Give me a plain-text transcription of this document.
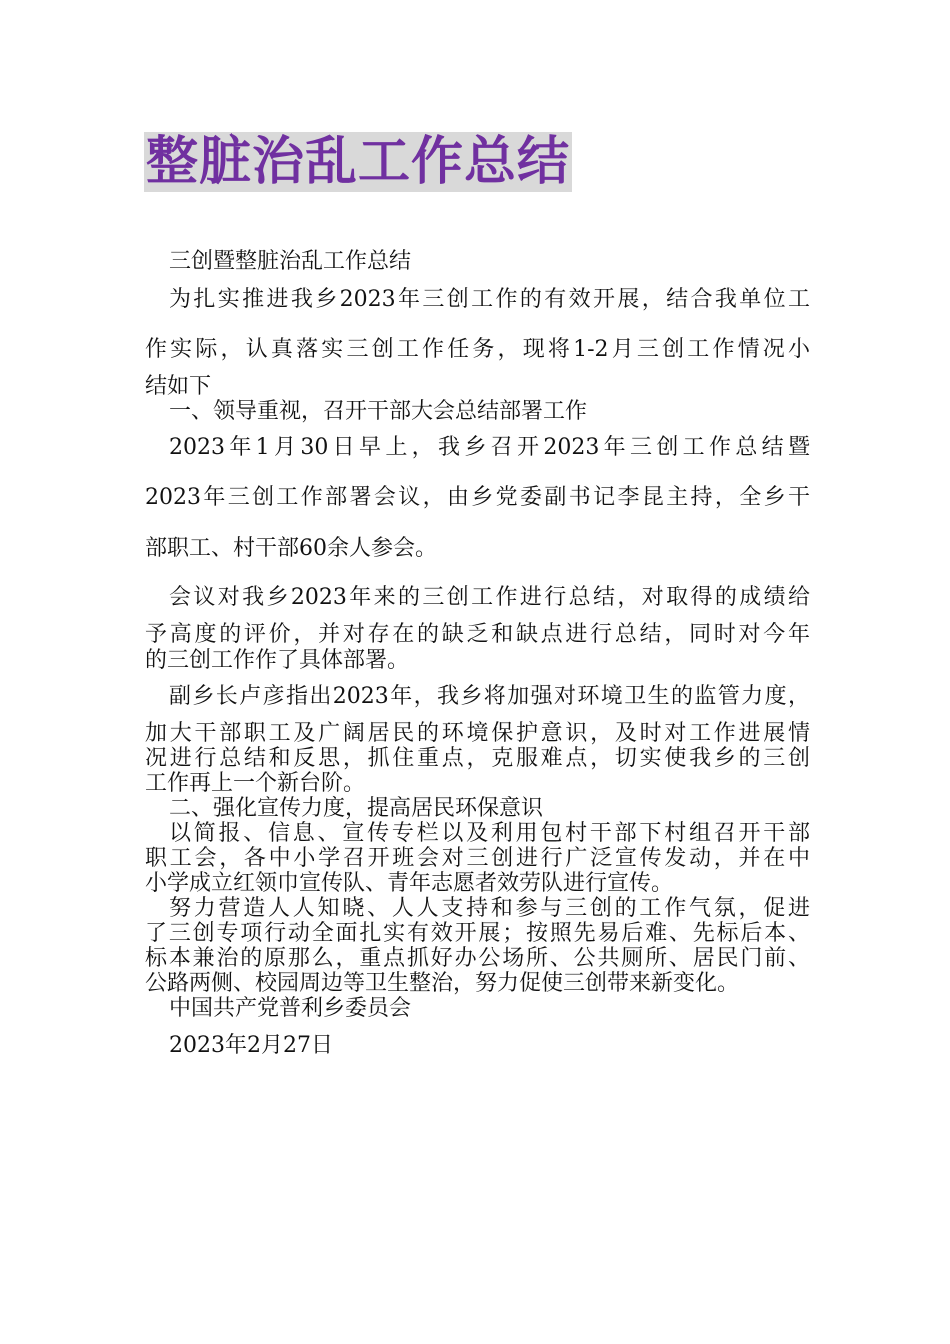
整脏治乱工作总结
三创暨整脏治乱工作总结
为扎实推进我乡2023年三创工作的有效开展，结合我单位工
作实际，认真落实三创工作任务，现将1-2月三创工作情况小
结如下
一、领导重视，召开干部大会总结部署工作
2023年1月30日早上，我乡召开2023年三创工作总结暨
2023年三创工作部署会议，由乡党委副书记李昆主持，全乡干
部职工、村干部60余人参会。
会议对我乡2023年来的三创工作进行总结，对取得的成绩给
予高度的评价，并对存在的缺乏和缺点进行总结，同时对今年
的三创工作作了具体部署。
副乡长卢彦指出2023年，我乡将加强对环境卫生的监管力度，
加大干部职工及广阔居民的环境保护意识，及时对工作进展情
况进行总结和反思，抓住重点，克服难点，切实使我乡的三创
工作再上一个新台阶。
二、强化宣传力度，提高居民环保意识
以简报、信息、宣传专栏以及利用包村干部下村组召开干部
职工会，各中小学召开班会对三创进行广泛宣传发动，并在中
小学成立红领巾宣传队、青年志愿者效劳队进行宣传。
努力营造人人知晓、人人支持和参与三创的工作气氛，促进
了三创专项行动全面扎实有效开展；按照先易后难、先标后本、
标本兼治的原那么，重点抓好办公场所、公共厕所、居民门前、
公路两侧、校园周边等卫生整治，努力促使三创带来新变化。
中国共产党普利乡委员会
2023年2月27日
